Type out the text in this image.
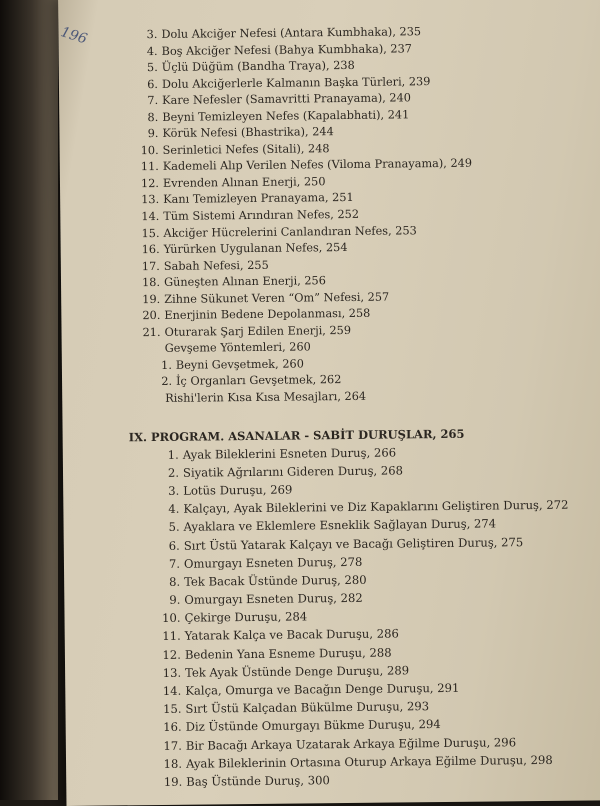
196	3. Dolu Akciğer Nefesi (Antara Kumbhaka), 235
4. Boş Akciğer Nefesi (Bahya Kumbhaka), 237
5. Üçlü Düğüm (Bandha Traya), 238
6. Dolu Akciğerlerle Kalmanın Başka Türleri, 239
7. Kare Nefesler (Samavritti Pranayama), 240
8. Beyni Temizleyen Nefes (Kapalabhati), 241
9. Körük Nefesi (Bhastrika), 244
10. Serinletici Nefes (Sitali), 248
11. Kademeli Alıp Verilen Nefes (Viloma Pranayama), 249
12. Evrenden Alınan Enerji, 250
13. Kanı Temizleyen Pranayama, 251
14. Tüm Sistemi Arındıran Nefes, 252
15. Akciğer Hücrelerini Canlandıran Nefes, 253
16. Yürürken Uygulanan Nefes, 254
17. Sabah Nefesi, 255
18. Güneşten Alınan Enerji, 256
19. Zihne Sükunet Veren “Om” Nefesi, 257
20. Enerjinin Bedene Depolanması, 258
21. Oturarak Şarj Edilen Enerji, 259
Gevşeme Yöntemleri, 260
1. Beyni Gevşetmek, 260
2. İç Organları Gevşetmek, 262
Rishi'lerin Kısa Kısa Mesajları, 264
IX. PROGRAM. ASANALAR - SABİT DURUŞLAR, 265
1. Ayak Bileklerini Esneten Duruş, 266
2. Siyatik Ağrılarını Gideren Duruş, 268
3. Lotüs Duruşu, 269
4. Kalçayı, Ayak Bileklerini ve Diz Kapaklarını Geliştiren Duruş, 272
5. Ayaklara ve Eklemlere Esneklik Sağlayan Duruş, 274
6. Sırt Üstü Yatarak Kalçayı ve Bacağı Geliştiren Duruş, 275
7. Omurgayı Esneten Duruş, 278
8. Tek Bacak Üstünde Duruş, 280
9. Omurgayı Esneten Duruş, 282
10. Çekirge Duruşu, 284
11. Yatarak Kalça ve Bacak Duruşu, 286
12. Bedenin Yana Esneme Duruşu, 288
13. Tek Ayak Üstünde Denge Duruşu, 289
14. Kalça, Omurga ve Bacağın Denge Duruşu, 291
15. Sırt Üstü Kalçadan Bükülme Duruşu, 293
16. Diz Üstünde Omurgayı Bükme Duruşu, 294
17. Bir Bacağı Arkaya Uzatarak Arkaya Eğilme Duruşu, 296
18. Ayak Bileklerinin Ortasına Oturup Arkaya Eğilme Duruşu, 298
19. Baş Üstünde Duruş, 300
